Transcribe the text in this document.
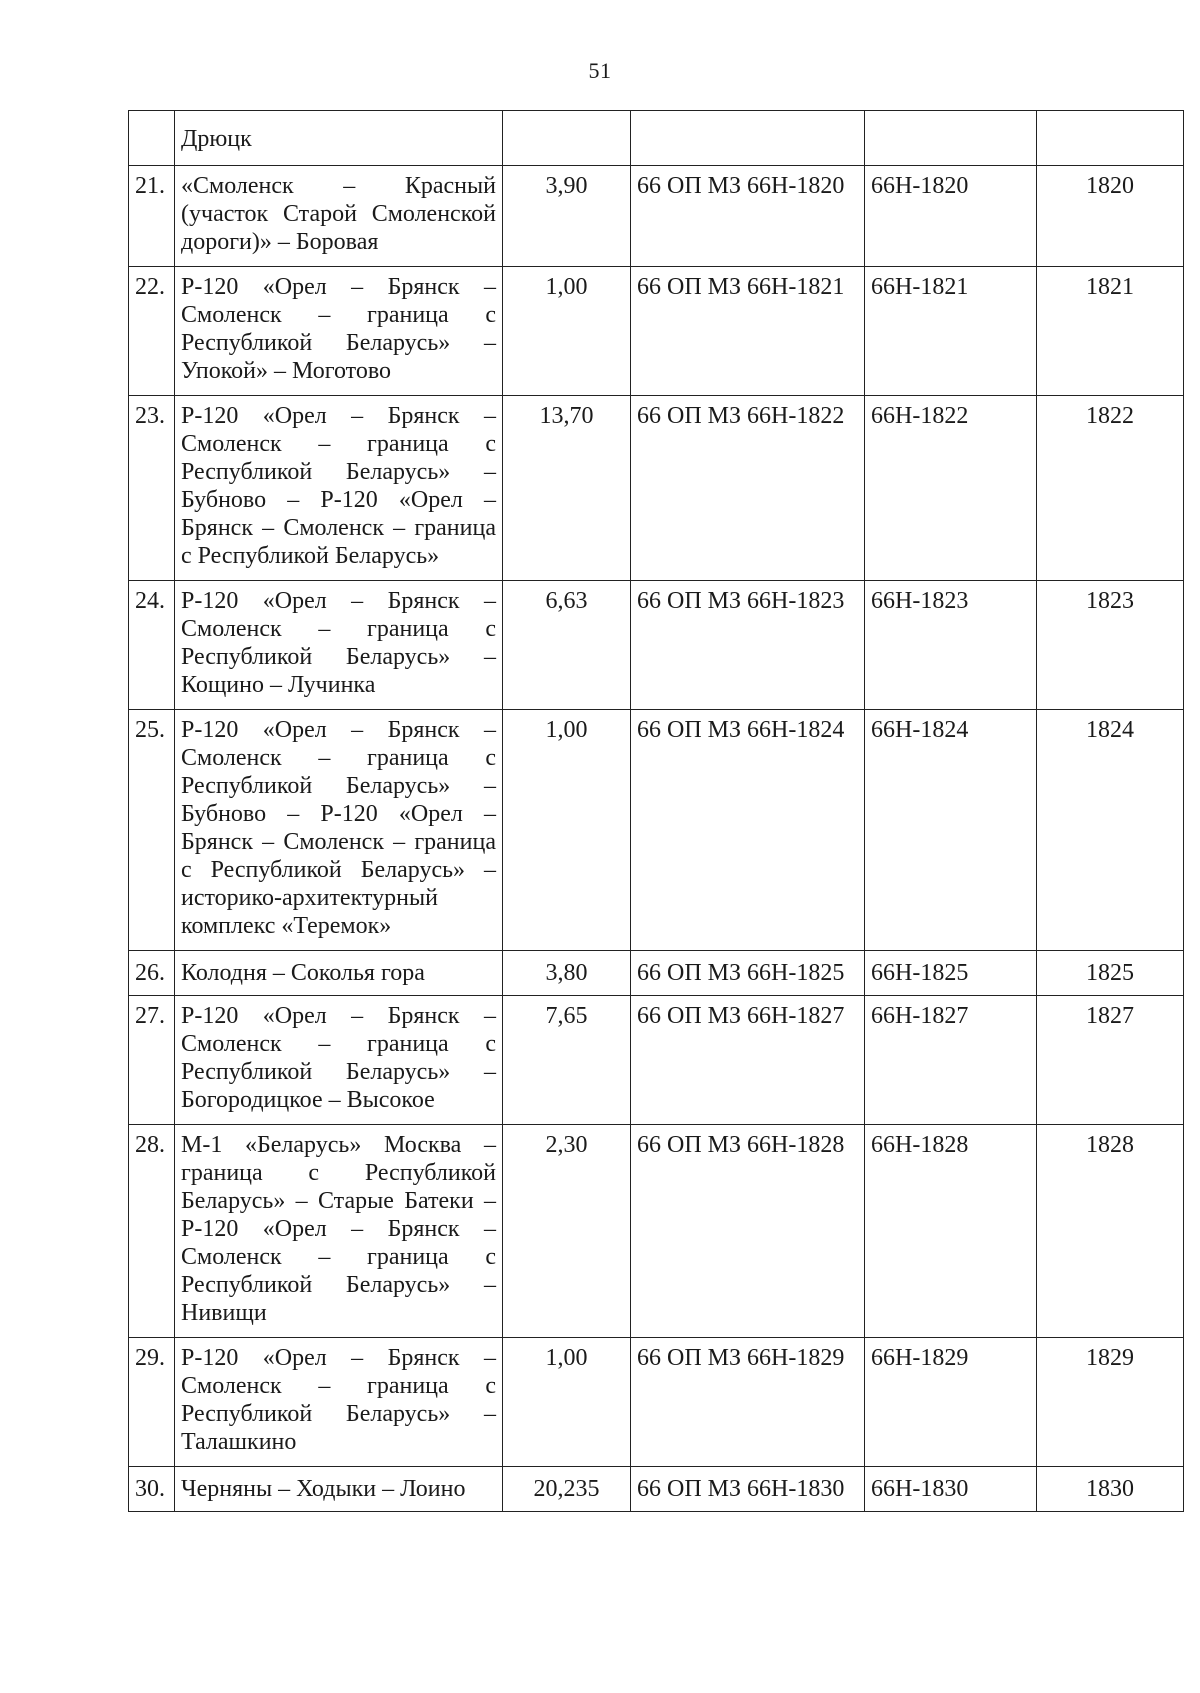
51
	Дрюцк				
21.	«Смоленск – Красный (участок Старой Смоленской дороги)» – Боровая	3,90	66 ОП МЗ 66Н-1820	66Н-1820	1820
22.	Р-120 «Орел – Брянск – Смоленск – граница с Республикой Беларусь» – Упокой» – Моготово	1,00	66 ОП МЗ 66Н-1821	66Н-1821	1821
23.	Р-120 «Орел – Брянск – Смоленск – граница с Республикой Беларусь» – Бубново – Р-120 «Орел – Брянск – Смоленск – граница с Республикой Беларусь»	13,70	66 ОП МЗ 66Н-1822	66Н-1822	1822
24.	Р-120 «Орел – Брянск – Смоленск – граница с Республикой Беларусь» – Кощино – Лучинка	6,63	66 ОП МЗ 66Н-1823	66Н-1823	1823
25.	Р-120 «Орел – Брянск – Смоленск – граница с Республикой Беларусь» – Бубново – Р-120 «Орел – Брянск – Смоленск – граница с Республикой Беларусь» – историко-архитектурный комплекс «Теремок»	1,00	66 ОП МЗ 66Н-1824	66Н-1824	1824
26.	Колодня – Соколья гора	3,80	66 ОП МЗ 66Н-1825	66Н-1825	1825
27.	Р-120 «Орел – Брянск – Смоленск – граница с Республикой Беларусь» – Богородицкое – Высокое	7,65	66 ОП МЗ 66Н-1827	66Н-1827	1827
28.	М-1 «Беларусь» Москва – граница с Республикой Беларусь» – Старые Батеки – Р-120 «Орел – Брянск – Смоленск – граница с Республикой Беларусь» – Нивищи	2,30	66 ОП МЗ 66Н-1828	66Н-1828	1828
29.	Р-120 «Орел – Брянск – Смоленск – граница с Республикой Беларусь» – Талашкино	1,00	66 ОП МЗ 66Н-1829	66Н-1829	1829
30.	Черняны – Ходыки – Лоино	20,235	66 ОП МЗ 66Н-1830	66Н-1830	1830
